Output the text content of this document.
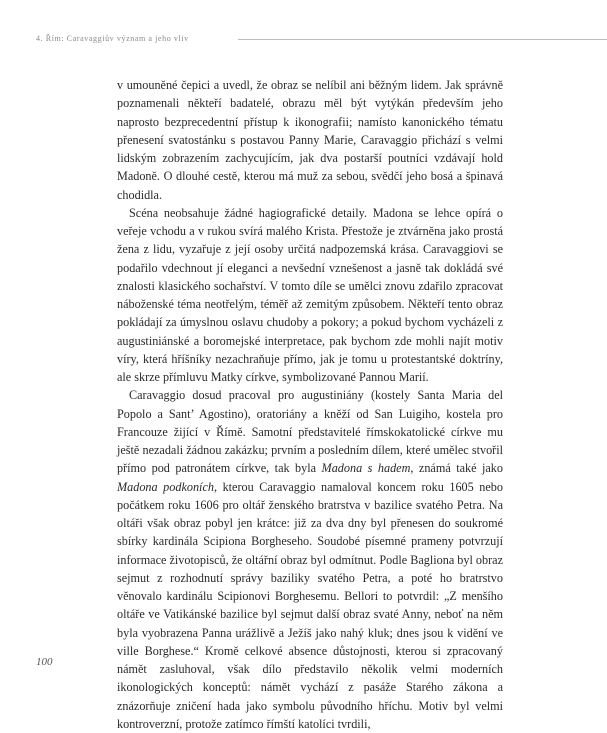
4. Řím: Caravaggiův význam a jeho vliv

v umouněné čepici a uvedl, že obraz se nelíbil ani běžným lidem. Jak správně poznamenali někteří badatelé, obrazu měl být vytýkán především jeho naprosto bezprecedentní přístup k ikonografii; namísto kanonického tématu přenesení svatostánku s postavou Panny Marie, Caravaggio přichází s velmi lidským zobrazením zachycujícím, jak dva postarší poutníci vzdávají hold Madoně. O dlouhé cestě, kterou má muž za sebou, svědčí jeho bosá a špinavá chodidla.

Scéna neobsahuje žádné hagiografické detaily. Madona se lehce opírá o veřeje vchodu a v rukou svírá malého Krista. Přestože je ztvárněna jako prostá žena z lidu, vyzařuje z její osoby určitá nadpozemská krása. Caravaggiovi se podařilo vdechnout jí eleganci a nevšední vznešenost a jasně tak dokládá své znalosti klasického sochařství. V tomto díle se umělci znovu zdařilo zpracovat náboženské téma neotřelým, téměř až zemitým způsobem. Někteří tento obraz pokládají za úmyslnou oslavu chudoby a pokory; a pokud bychom vycházeli z augustiniánské a boromejské interpretace, pak bychom zde mohli najít motiv víry, která hříšníky nezachraňuje přímo, jak je tomu u protestantské doktríny, ale skrze přímluvu Matky církve, symbolizované Pannou Marií.

Caravaggio dosud pracoval pro augustiniány (kostely Santa Maria del Popolo a Sant’ Agostino), oratoriány a kněží od San Luigiho, kostela pro Francouze žijící v Římě. Samotní představitelé římskokatolické církve mu ještě nezadali žádnou zakázku; prvním a posledním dílem, které umělec stvořil přímo pod patronátem církve, tak byla Madona s hadem, známá také jako Madona podkoních, kterou Caravaggio namaloval koncem roku 1605 nebo počátkem roku 1606 pro oltář ženského bratrstva v bazilice svatého Petra. Na oltáři však obraz pobyl jen krátce: již za dva dny byl přenesen do soukromé sbírky kardinála Scipiona Borgheseho. Soudobé písemné prameny potvrzují informace životopisců, že oltářní obraz byl odmítnut. Podle Bagliona byl obraz sejmut z rozhodnutí správy baziliky svatého Petra, a poté ho bratrstvo věnovalo kardinálu Scipionovi Borghesemu. Bellori to potvrdil: „Z menšího oltáře ve Vatikánské bazilice byl sejmut další obraz svaté Anny, neboť na něm byla vyobrazena Panna urážlivě a Ježíš jako nahý kluk; dnes jsou k vidění ve ville Borghese.“ Kromě celkové absence důstojnosti, kterou si zpracovaný námět zasluhoval, však dílo představilo několik velmi moderních ikonologických konceptů: námět vychází z pasáže Starého zákona a znázorňuje zničení hada jako symbolu původního hříchu. Motiv byl velmi kontroverzní, protože zatímco římští katolíci tvrdili,

100
